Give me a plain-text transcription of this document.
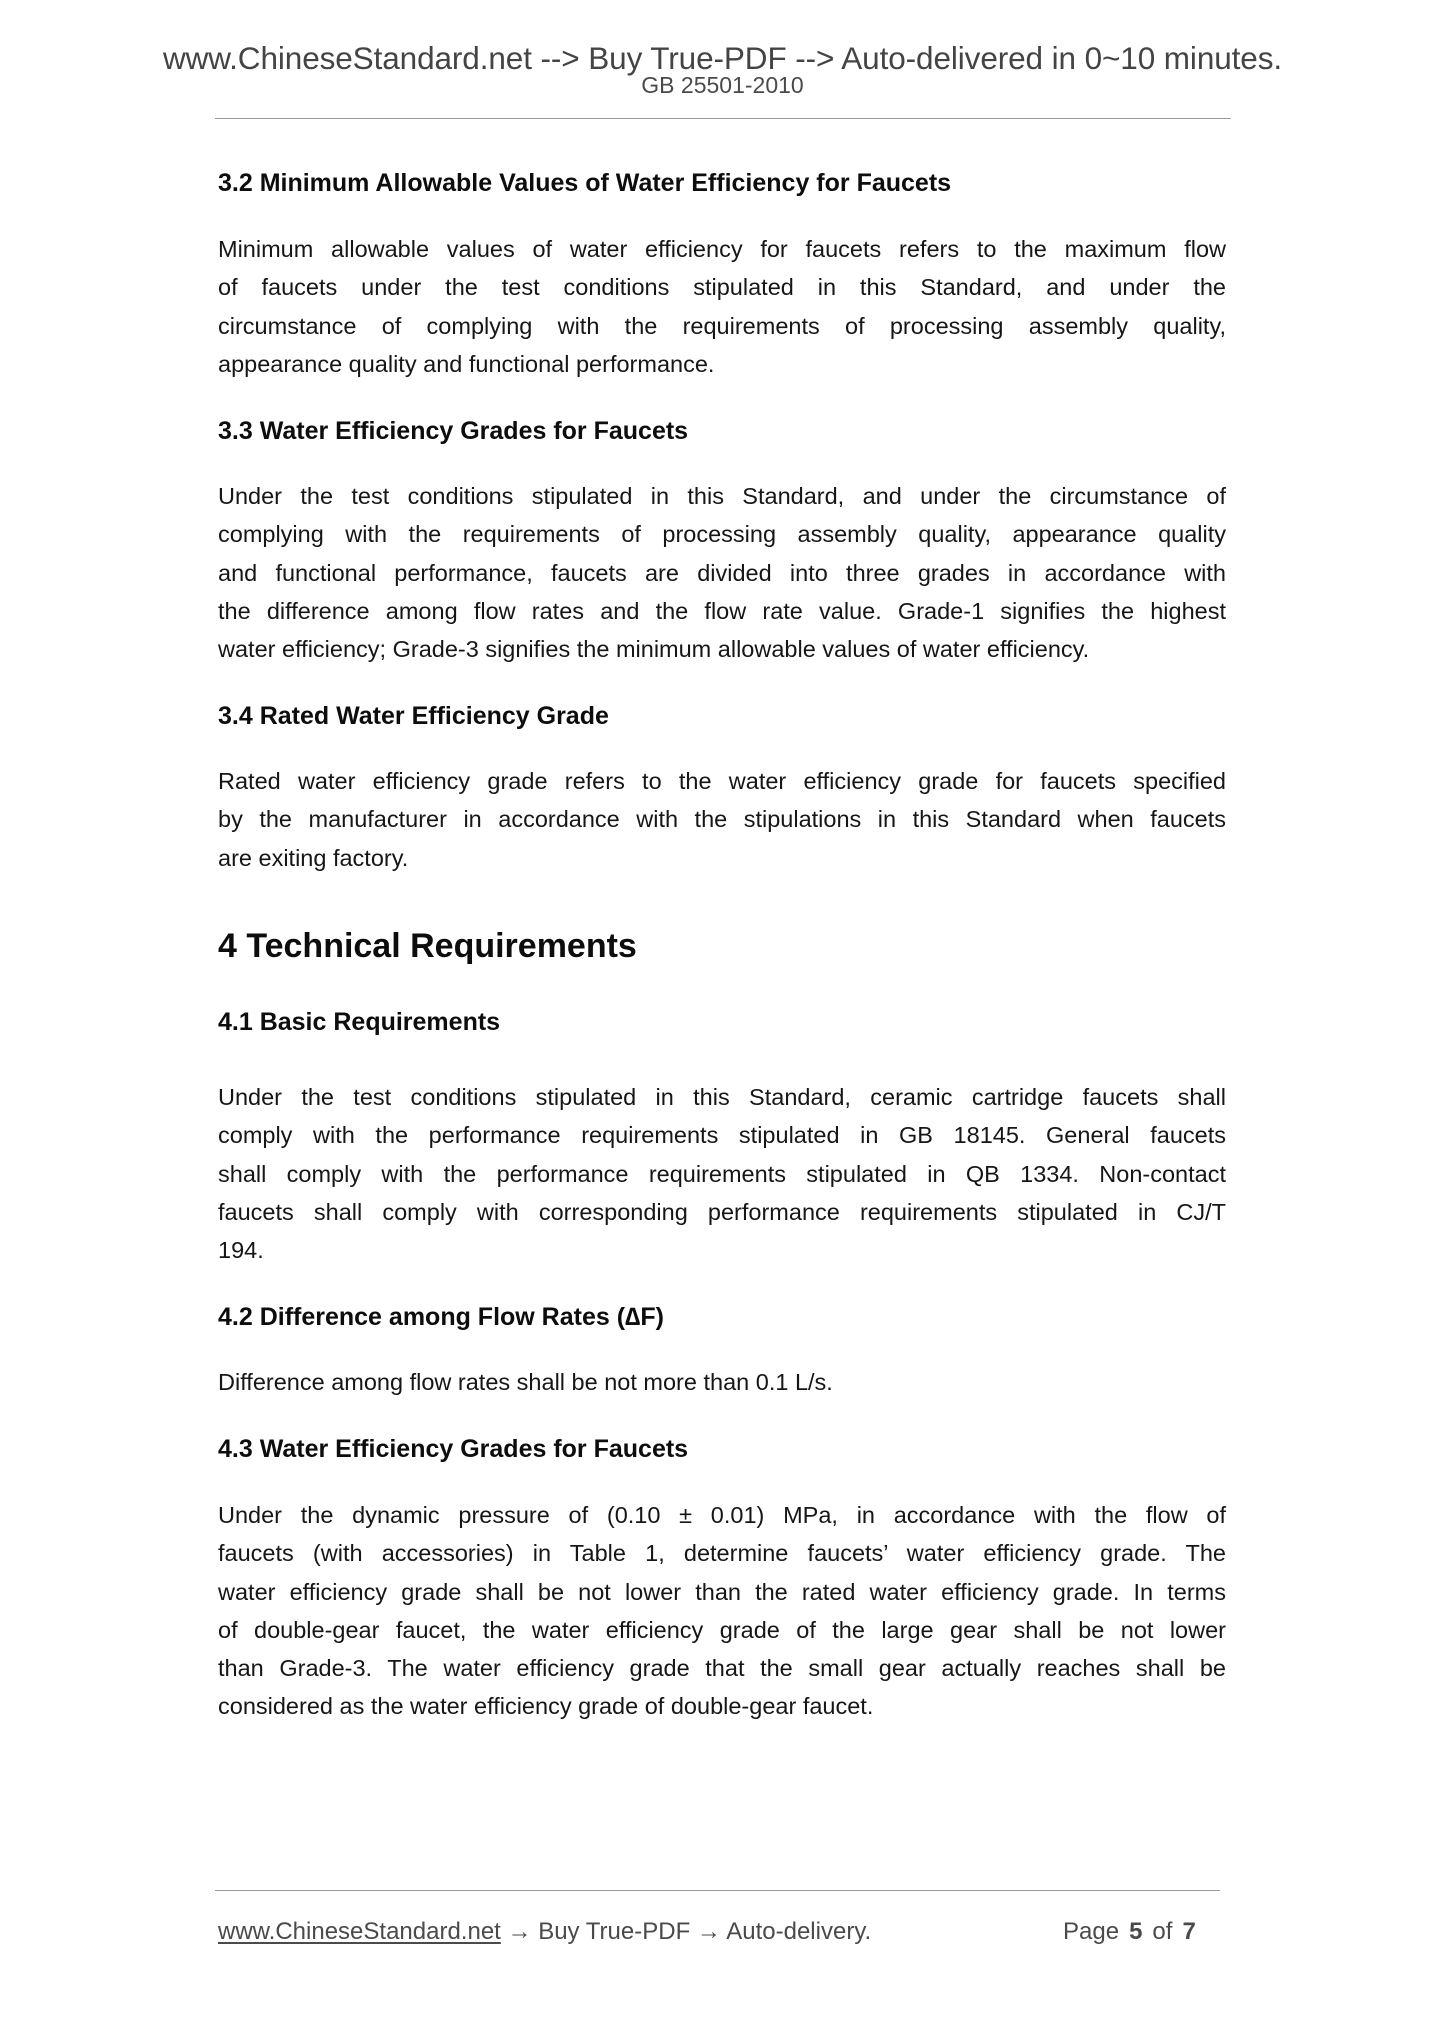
www.ChineseStandard.net --> Buy True-PDF --> Auto-delivered in 0~10 minutes.
GB 25501-2010
3.2 Minimum Allowable Values of Water Efficiency for Faucets
Minimum allowable values of water efficiency for faucets refers to the maximum flow
of faucets under the test conditions stipulated in this Standard, and under the
circumstance of complying with the requirements of processing assembly quality,
appearance quality and functional performance.
3.3 Water Efficiency Grades for Faucets
Under the test conditions stipulated in this Standard, and under the circumstance of
complying with the requirements of processing assembly quality, appearance quality
and functional performance, faucets are divided into three grades in accordance with
the difference among flow rates and the flow rate value. Grade-1 signifies the highest
water efficiency; Grade-3 signifies the minimum allowable values of water efficiency.
3.4 Rated Water Efficiency Grade
Rated water efficiency grade refers to the water efficiency grade for faucets specified
by the manufacturer in accordance with the stipulations in this Standard when faucets
are exiting factory.
4 Technical Requirements
4.1 Basic Requirements
Under the test conditions stipulated in this Standard, ceramic cartridge faucets shall
comply with the performance requirements stipulated in GB 18145. General faucets
shall comply with the performance requirements stipulated in QB 1334. Non-contact
faucets shall comply with corresponding performance requirements stipulated in CJ/T
194.
4.2 Difference among Flow Rates (∆F)
Difference among flow rates shall be not more than 0.1 L/s.
4.3 Water Efficiency Grades for Faucets
Under the dynamic pressure of (0.10 ± 0.01) MPa, in accordance with the flow of
faucets (with accessories) in Table 1, determine faucets’ water efficiency grade. The
water efficiency grade shall be not lower than the rated water efficiency grade. In terms
of double-gear faucet, the water efficiency grade of the large gear shall be not lower
than Grade-3. The water efficiency grade that the small gear actually reaches shall be
considered as the water efficiency grade of double-gear faucet.
www.ChineseStandard.net → Buy True-PDF → Auto-delivery.	Page 5 of 7
